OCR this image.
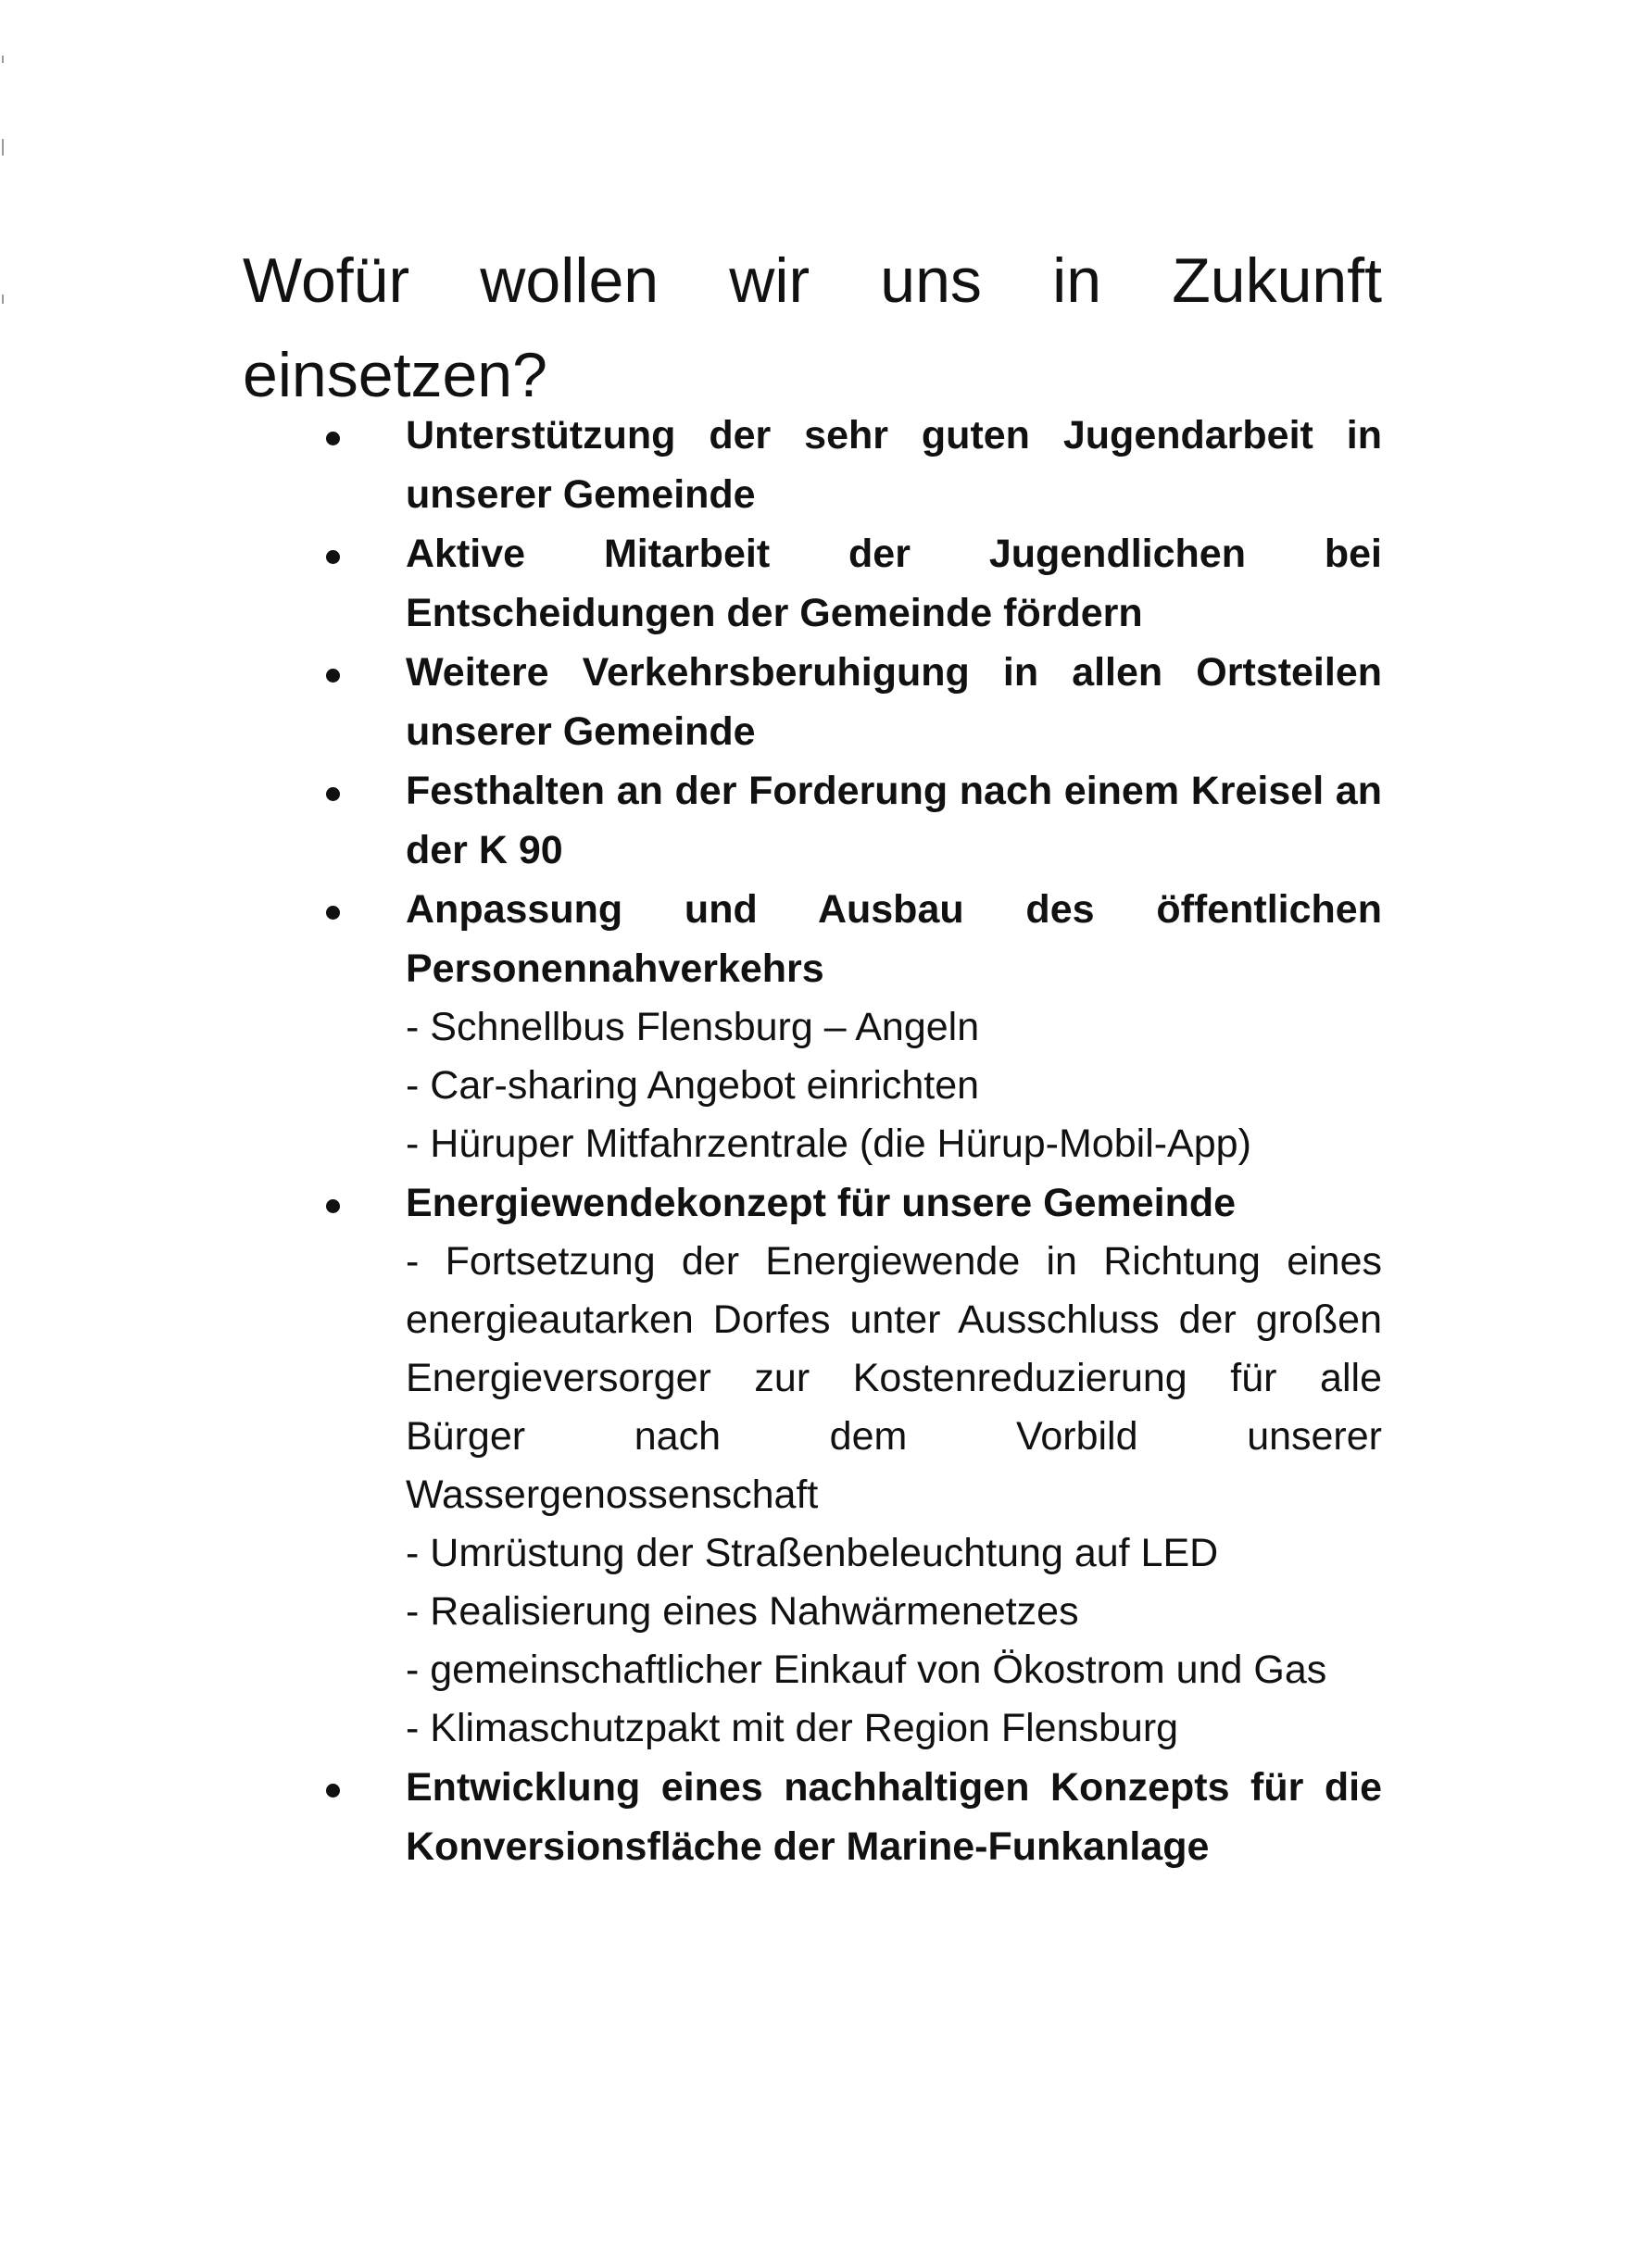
Wofür wollen wir uns in Zukunft einsetzen?

Unterstützung der sehr guten Jugendarbeit in unserer Gemeinde

Aktive Mitarbeit der Jugendlichen bei Entscheidungen der Gemeinde fördern

Weitere Verkehrsberuhigung in allen Ortsteilen unserer Gemeinde

Festhalten an der Forderung nach einem Kreisel an der K 90

Anpassung und Ausbau des öffentlichen Personennahverkehrs

- Schnellbus Flensburg – Angeln

- Car-sharing Angebot einrichten

- Hüruper Mitfahrzentrale (die Hürup-Mobil-App)

Energiewendekonzept für unsere Gemeinde

- Fortsetzung der Energiewende in Richtung eines energieautarken Dorfes unter Ausschluss der großen Energieversorger zur Kostenreduzierung für alle Bürger nach dem Vorbild unserer Wassergenossenschaft

- Umrüstung der Straßenbeleuchtung auf LED

- Realisierung eines Nahwärmenetzes

- gemeinschaftlicher Einkauf von Ökostrom und Gas

- Klimaschutzpakt mit der Region Flensburg

Entwicklung eines nachhaltigen Konzepts für die Konversionsfläche der Marine-Funkanlage
